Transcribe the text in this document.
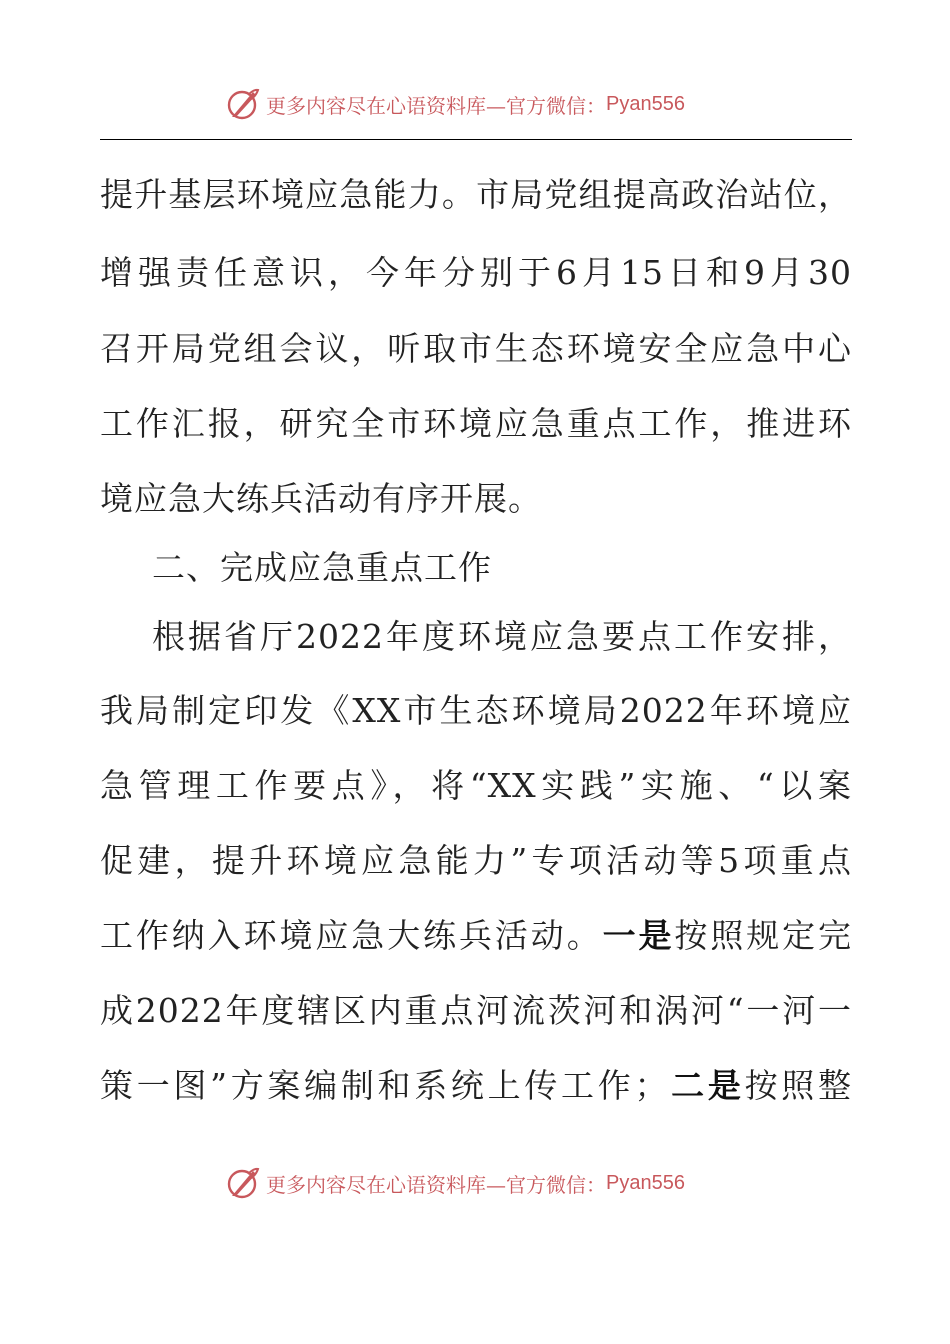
更多内容尽在心语资料库—官方微信： Pyan556
提升基层环境应急能力。市局党组提高政治站位，
增强责任意识，今年分别于6月15日和9月30
召开局党组会议，听取市生态环境安全应急中心
工作汇报，研究全市环境应急重点工作，推进环
境应急大练兵活动有序开展。
二、完成应急重点工作
根据省厅2022年度环境应急要点工作安排，
我局制定印发《XX市生态环境局2022年环境应
急管理工作要点》，将“XX实践”实施、“以案
促建，提升环境应急能力”专项活动等5项重点
工作纳入环境应急大练兵活动。一是按照规定完
成2022年度辖区内重点河流茨河和涡河“一河一
策一图”方案编制和系统上传工作；二是按照整
更多内容尽在心语资料库—官方微信： Pyan556
